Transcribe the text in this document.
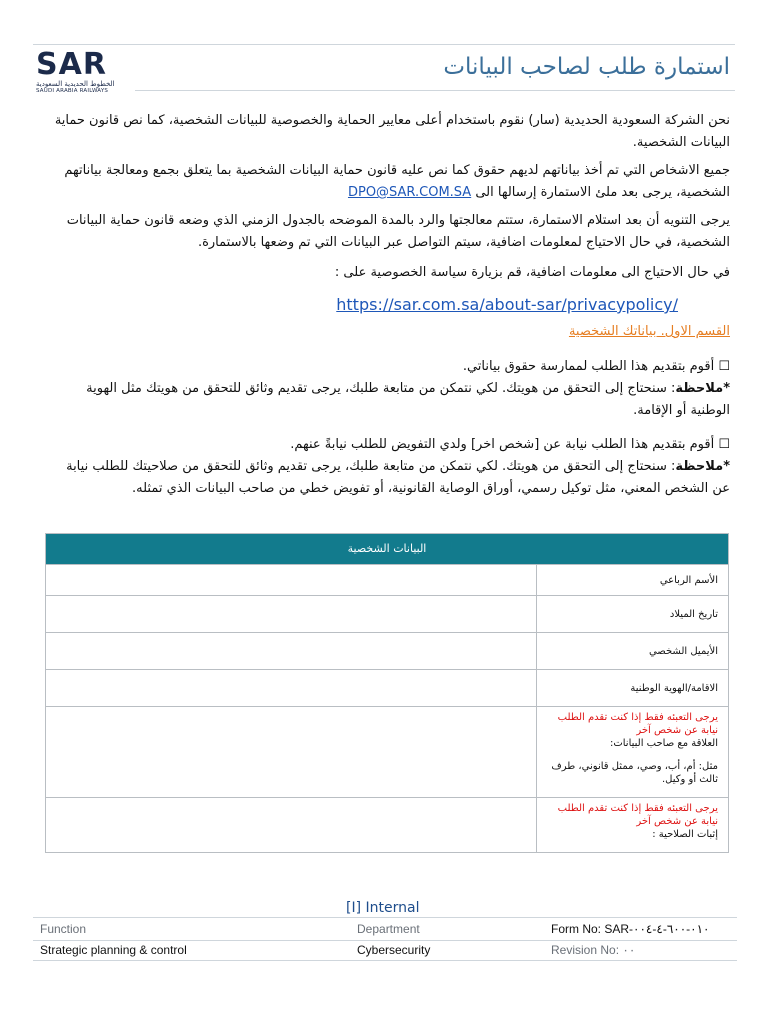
SAR
الخطوط الحديدية السعودية
SAUDI ARABIA RAILWAYS
استمارة طلب لصاحب البيانات
نحن الشركة السعودية الحديدية (سار) نقوم باستخدام أعلى معايير الحماية والخصوصية للبيانات الشخصية، كما نص قانون حماية البيانات الشخصية.
جميع الاشخاص التي تم أخذ بياناتهم لديهم حقوق كما نص عليه قانون حماية البيانات الشخصية بما يتعلق بجمع ومعالجة بياناتهم الشخصية، يرجى بعد ملئ الاستمارة إرسالها الى DPO@SAR.COM.SA
يرجى التنويه أن بعد استلام الاستمارة، ستتم معالجتها والرد بالمدة الموضحه بالجدول الزمني الذي وضعه قانون حماية البيانات الشخصية، في حال الاحتياج لمعلومات اضافية، سيتم التواصل عبر البيانات التي تم وضعها بالاستمارة.
في حال الاحتياج الى معلومات اضافية، قم بزيارة سياسة الخصوصية على :
https://sar.com.sa/about-sar/privacypolicy/
القسم الاول. بياناتك الشخصية
☐ أقوم بتقديم هذا الطلب لممارسة حقوق بياناتي.
*ملاحظة: سنحتاج إلى التحقق من هويتك. لكي نتمكن من متابعة طلبك، يرجى تقديم وثائق للتحقق من هويتك مثل الهوية الوطنية أو الإقامة.
☐ أقوم بتقديم هذا الطلب نيابة عن [شخص اخر] ولدي التفويض للطلب نيابةً عنهم.
*ملاحظة: سنحتاج إلى التحقق من هويتك. لكي نتمكن من متابعة طلبك، يرجى تقديم وثائق للتحقق من صلاحيتك للطلب نيابة عن الشخص المعني، مثل توكيل رسمي، أوراق الوصاية القانونية، أو تفويض خطي من صاحب البيانات الذي تمثله.
البيانات الشخصية
الأسم الرباعي
تاريخ الميلاد
الأيميل الشخصي
الاقامة/الهوية الوطنية
يرجى التعبئه فقط إذا كنت تقدم الطلب نيابة عن شخص آخر
العلاقة مع صاحب البيانات:
مثل: أم، أب، وصي، ممثل قانوني، طرف ثالث أو وكيل.
يرجى التعبئه فقط إذا كنت تقدم الطلب نيابة عن شخص آخر
إثبات الصلاحية :
[I] Internal
Function	Department	Form No: SAR-٠١٠-٦٠٠-٤-٠٠٤
Strategic planning & control	Cybersecurity	Revision No: ٠٠
